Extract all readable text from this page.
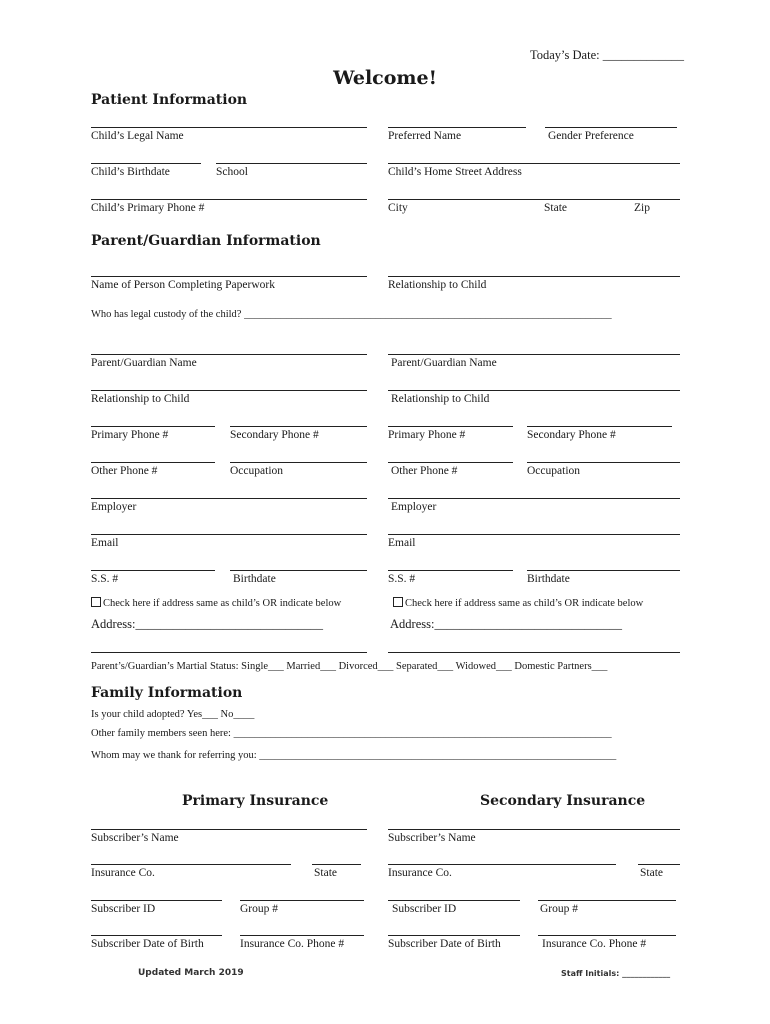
Today’s Date: _____________
Welcome!
Patient Information
Child’s Legal Name	Preferred Name	Gender Preference
Child’s Birthdate	School	Child’s Home Street Address
Child’s Primary Phone #	City	State	Zip
Parent/Guardian Information
Name of Person Completing Paperwork	Relationship to Child
Who has legal custody of the child? ______________________________________________________________________
Parent/Guardian Name	Parent/Guardian Name
Relationship to Child	Relationship to Child
Primary Phone #	Secondary Phone #	Primary Phone #	Secondary Phone #
Other Phone #	Occupation	Other Phone #	Occupation
Employer	Employer
Email	Email
S.S. #	Birthdate	S.S. #	Birthdate
Check here if address same as child’s OR indicate below	Check here if address same as child’s OR indicate below
Address:______________________________	Address:______________________________
Parent’s/Guardian’s Martial Status: Single___ Married___ Divorced___ Separated___ Widowed___ Domestic Partners___
Family Information
Is your child adopted? Yes___ No____
Other family members seen here: ________________________________________________________________________
Whom may we thank for referring you: ____________________________________________________________________
Primary Insurance	Secondary Insurance
Subscriber’s Name	Subscriber’s Name
Insurance Co.	State	Insurance Co.	State
Subscriber ID	Group #	Subscriber ID	Group #
Subscriber Date of Birth	Insurance Co. Phone #	Subscriber Date of Birth	Insurance Co. Phone #
Updated March 2019	Staff Initials: ____________
